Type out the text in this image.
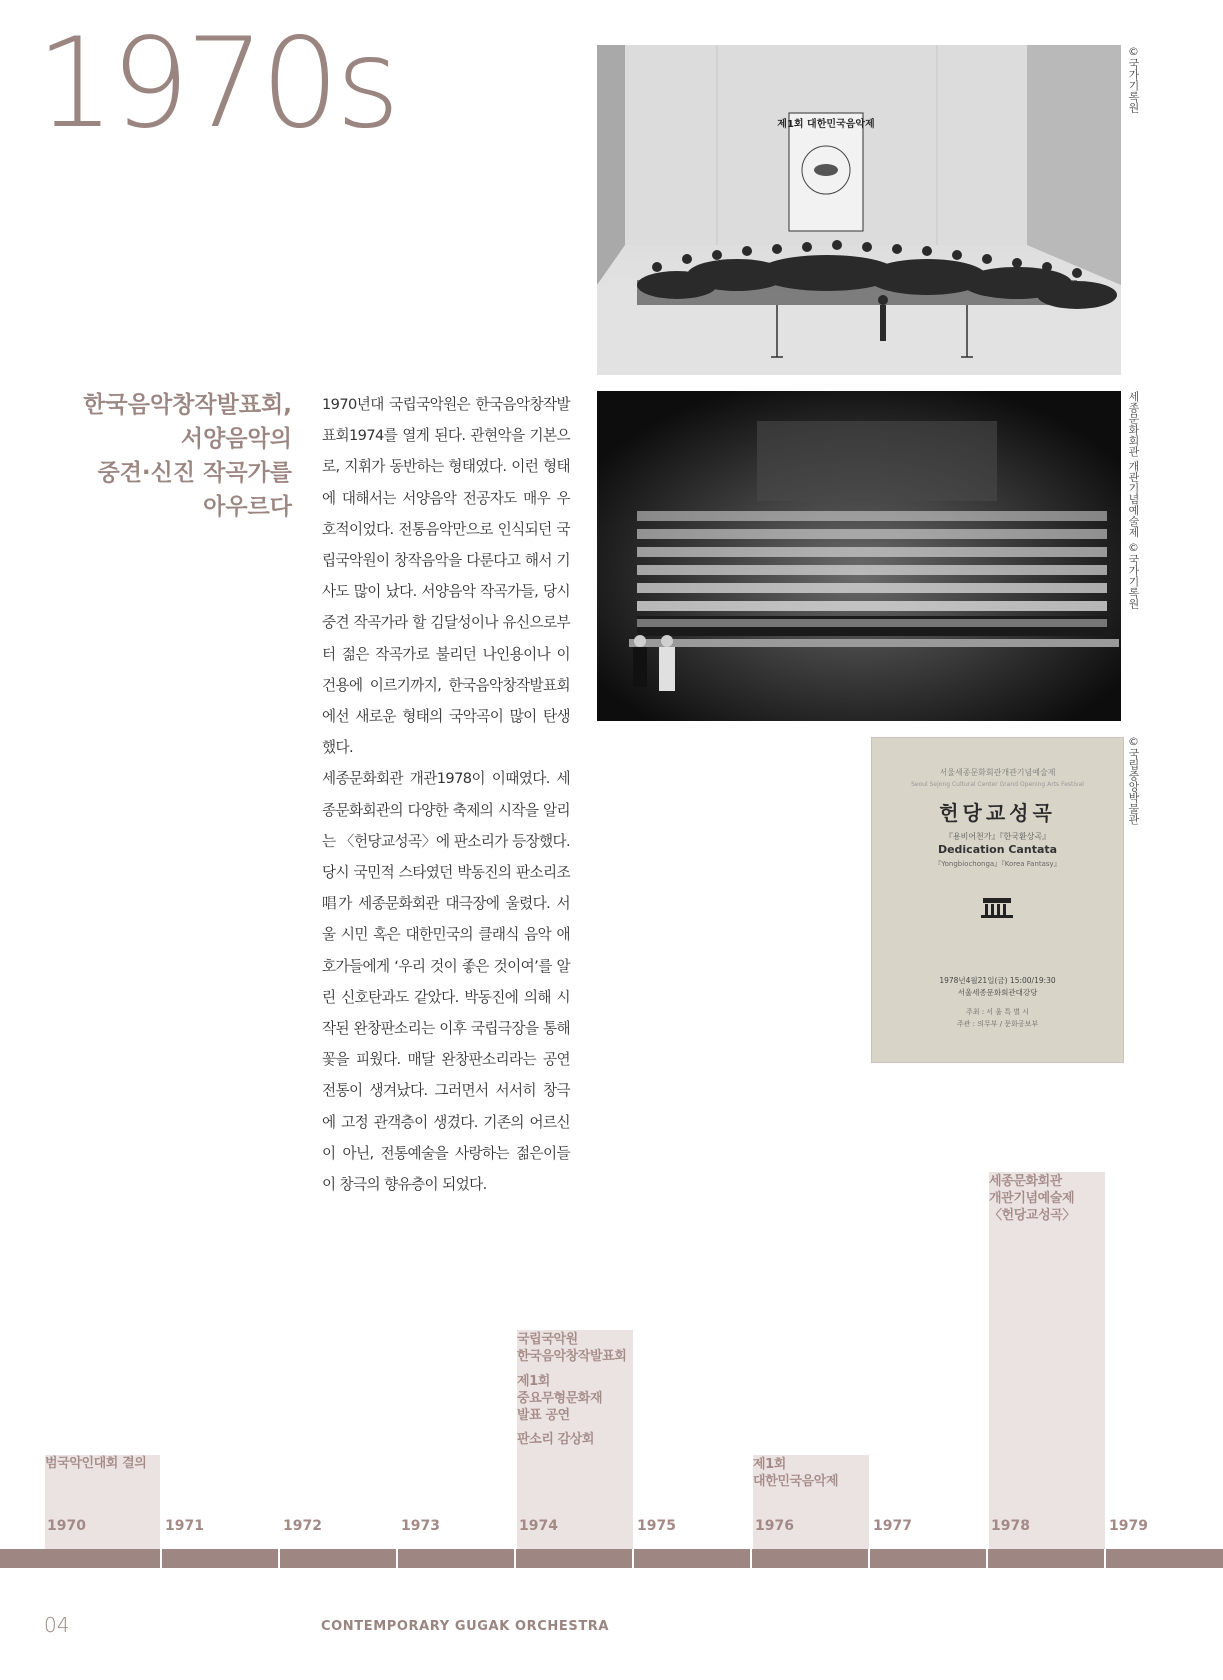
1970s	제1회 대한민국음악제
©국가기록원
세종문화회관 개관기념예술제 ©국가기록원
서울세종문화회관개관기념예술제
Seoul Sejong Cultural Center Grand Opening Arts Festival
헌당교성곡
『용비어천가』『한국환상곡』
Dedication Cantata
『Yongbiochonga』『Korea Fantasy』
1978년4월21일(금) 15:00/19:30
서울세종문화회관대강당
주최 : 서 울 특 별 시
주관 : 의무부 / 문화공보부
©국립중앙박물관
한국음악창작발표회,
서양음악의
중견·신진 작곡가를
아우르다

1970년대 국립국악원은 한국음악창작발표회1974를 열게 된다. 관현악을 기본으로, 지휘가 동반하는 형태였다. 이런 형태에 대해서는 서양음악 전공자도 매우 우호적이었다. 전통음악만으로 인식되던 국립국악원이 창작음악을 다룬다고 해서 기사도 많이 났다. 서양음악 작곡가들, 당시 중견 작곡가라 할 김달성이나 유신으로부터 젊은 작곡가로 불리던 나인용이나 이건용에 이르기까지, 한국음악창작발표회에선 새로운 형태의 국악곡이 많이 탄생했다.

세종문화회관 개관1978이 이때였다. 세종문화회관의 다양한 축제의 시작을 알리는 〈헌당교성곡〉에 판소리가 등장했다. 당시 국민적 스타였던 박동진의 판소리조唱가 세종문화회관 대극장에 울렸다. 서울 시민 혹은 대한민국의 클래식 음악 애호가들에게 ‘우리 것이 좋은 것이여’를 알린 신호탄과도 같았다. 박동진에 의해 시작된 완창판소리는 이후 국립극장을 통해 꽃을 피웠다. 매달 완창판소리라는 공연 전통이 생겨났다. 그러면서 서서히 창극에 고정 관객층이 생겼다. 기존의 어르신이 아닌, 전통예술을 사랑하는 젊은이들이 창극의 향유층이 되었다.

범국악인대회 결의
국립국악원
한국음악창작발표회
제1회
중요무형문화재
발표 공연
판소리 감상회
제1회
대한민국음악제
세종문화회관
개관기념예술제
〈헌당교성곡〉
1970	1971	1972	1973	1974	1975	1976	1977	1978	1979
04	CONTEMPORARY GUGAK ORCHESTRA
